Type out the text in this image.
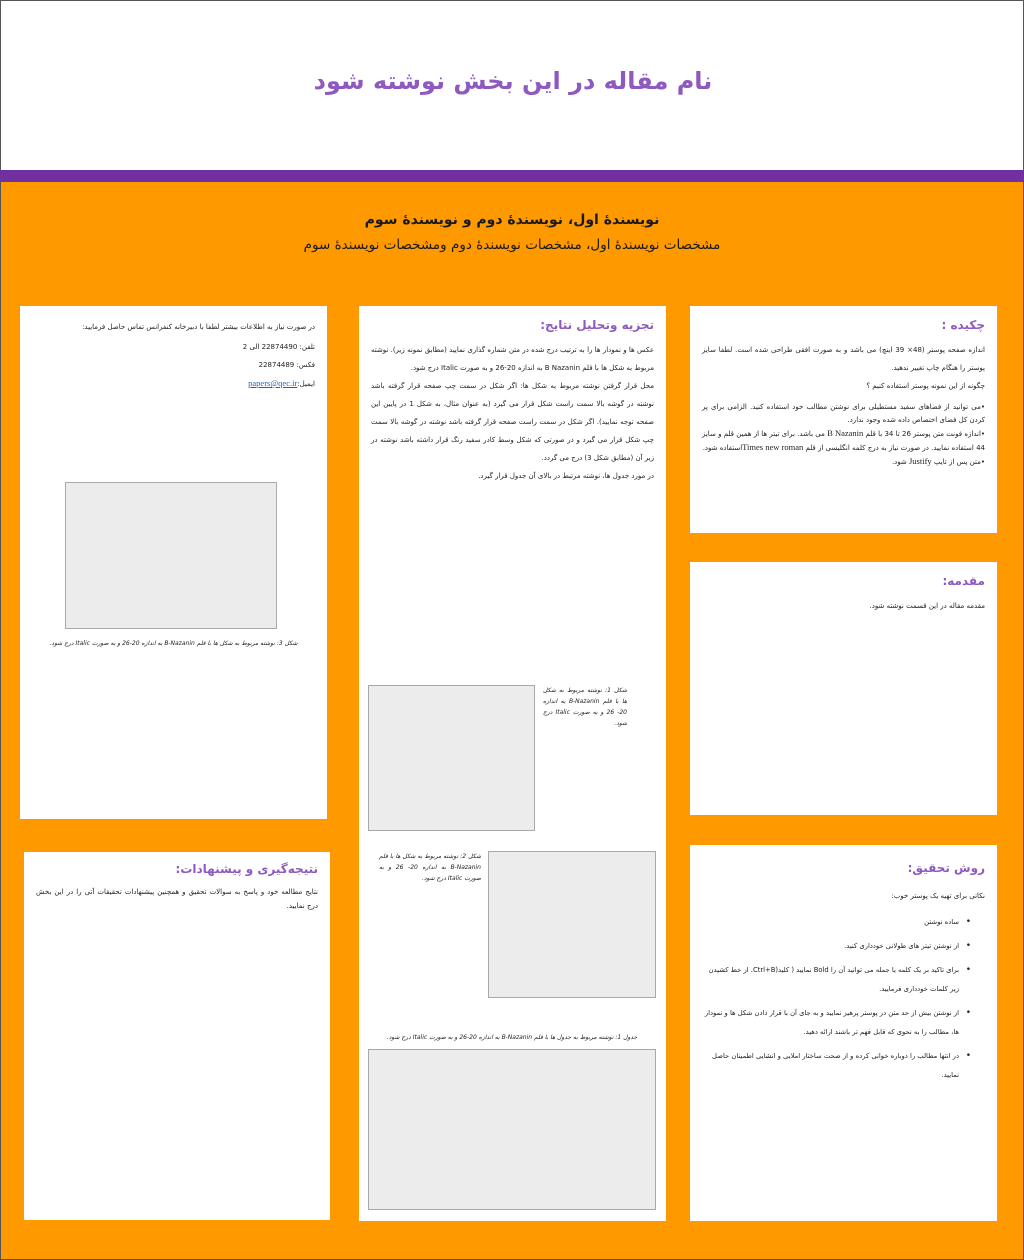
نام مقاله در این بخش نوشته شود
نویسندۀ اول، نویسندۀ دوم و نویسندۀ سوم
مشخصات نویسندۀ اول، مشخصات نویسندۀ دوم ومشخصات نویسندۀ سوم
چکیده :
اندازه صفحه پوستر (48× 39 اینچ) می باشد و به صورت افقی طراحی شده است. لطفا سایز پوستر را هنگام چاپ تغییر ندهید.
چگونه از این نمونه پوستر استفاده کنیم ؟
•می توانید از فضاهای سفید مستطیلی برای نوشتن مطالب خود استفاده کنید. الزامی برای پر کردن کل فضای اختصاص داده شده وجود ندارد.
•اندازه فونت متن پوستر 26 تا 34 با قلم B Nazanin می باشد. برای تیتر ها از همین قلم و سایز 44 استفاده نمایید. در صورت نیاز به درج کلمه انگلیسی از قلم Times new romanاستفاده شود.
•متن پس از تایپ Justify شود.
مقدمه:
مقدمه مقاله در این قسمت نوشته شود.
روش تحقیق:
نکاتی برای تهیه یک پوستر خوب:
• ساده نوشتن
• از نوشتن تیتر های طولانی خودداری کنید.
• برای تاکید بر یک کلمه یا جمله می توانید آن را Bold نمایید ( کلید(Ctrl+B. از خط کشیدن زیر کلمات خودداری فرمایید.
• از نوشتن بیش از حد متن در پوستر پرهیز نمایید و به جای آن با قرار دادن شکل ها و نمودار ها، مطالب را به نحوی که قابل فهم تر باشند ارائه دهید.
• در انتها مطالب را دوباره خوانی کرده و از صحت ساختار املایی و انشایی اطمینان حاصل نمایید.
تجزیه وتحلیل نتایج:
عکس ها و نمودار ها را به ترتیب درج شده در متن شماره گذاری نمایید (مطابق نمونه زیر). نوشته مربوط به شکل ها با قلم B Nazanin به اندازه 20-26 و به صورت Italic درج شود.
محل قرار گرفتن نوشته مربوط به شکل ها: اگر شکل در سمت چپ صفحه قرار گرفته باشد نوشته در گوشه بالا سمت راست شکل قرار می گیرد (به عنوان مثال، به شکل 1 در پایین این صفحه توجه نمایید). اگر شکل در سمت راست صفحه قرار گرفته باشد نوشته در گوشه بالا سمت چپ شکل قرار می گیرد و در صورتی که شکل وسط کادر سفید رنگ قرار داشته باشد نوشته در زیر آن (مطابق شکل 3) درج می گردد.
در مورد جدول ها، نوشته مرتبط در بالای آن جدول قرار گیرد.
شکل 1: نوشته مربوط به شکل ها با قلم B-Nazanin به اندازه 20- 26 و به صورت Italic درج شود.
شکل 2: نوشته مربوط به شکل ها با قلم B-Nazanin به اندازه 20- 26 و به صورت Italic درج شود.
جدول 1: نوشته مربوط به جدول ها با قلم B-Nazanin به اندازه 20-26 و به صورت Italic درج شود.
در صورت نیاز به اطلاعات بیشتر لطفا با دبیرخانه کنفرانس تماس حاصل فرمایید:
تلفن: 22874490 الی 2
فکس: 22874489
ایمیل:papers@qec.ir
شکل 3: نوشته مربوط به شکل ها با قلم B-Nazanin به اندازه 20-26 و به صورت Italic درج شود.
نتیجه‌گیری و پیشنهادات:
نتایج مطالعه خود و پاسخ به سوالات تحقیق و همچنین پیشنهادات تحقیقات آتی را در این بخش درج نمایید.
